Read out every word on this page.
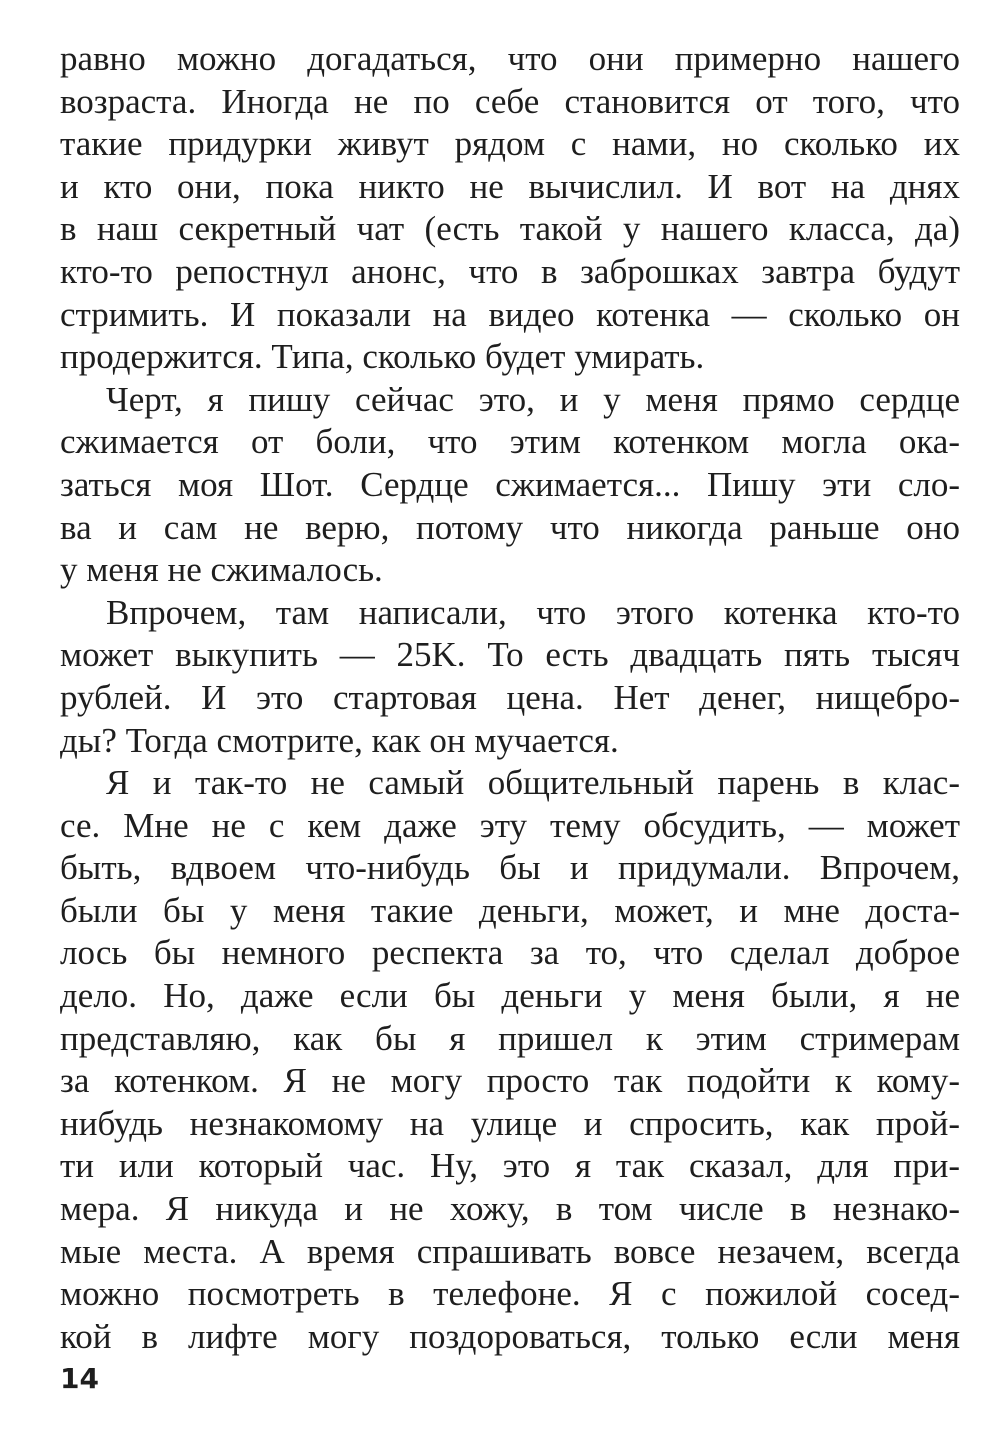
равно можно догадаться, что они примерно нашего
возраста. Иногда не по себе становится от того, что
такие придурки живут рядом с нами, но сколько их
и кто они, пока никто не вычислил. И вот на днях
в наш секретный чат (есть такой у нашего класса, да)
кто-то репостнул анонс, что в заброшках завтра будут
стримить. И показали на видео котенка — сколько он
продержится. Типа, сколько будет умирать.
Черт, я пишу сейчас это, и у меня прямо сердце
сжимается от боли, что этим котенком могла ока-
заться моя Шот. Сердце сжимается... Пишу эти сло-
ва и сам не верю, потому что никогда раньше оно
у меня не сжималось.
Впрочем, там написали, что этого котенка кто-то
может выкупить — 25K. То есть двадцать пять тысяч
рублей. И это стартовая цена. Нет денег, нищебро-
ды? Тогда смотрите, как он мучается.
Я и так-то не самый общительный парень в клас-
се. Мне не с кем даже эту тему обсудить, — может
быть, вдвоем что-нибудь бы и придумали. Впрочем,
были бы у меня такие деньги, может, и мне доста-
лось бы немного респекта за то, что сделал доброе
дело. Но, даже если бы деньги у меня были, я не
представляю, как бы я пришел к этим стримерам
за котенком. Я не могу просто так подойти к кому-
нибудь незнакомому на улице и спросить, как прой-
ти или который час. Ну, это я так сказал, для при-
мера. Я никуда и не хожу, в том числе в незнако-
мые места. А время спрашивать вовсе незачем, всегда
можно посмотреть в телефоне. Я с пожилой сосед-
кой в лифте могу поздороваться, только если меня
14
